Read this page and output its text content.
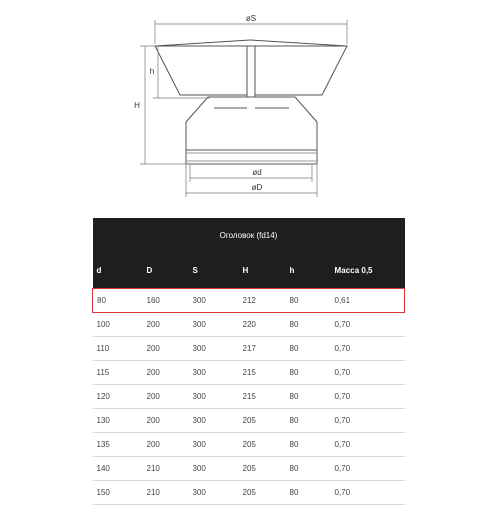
øS
h
H
ød
øD
Оголовок (fd14)					
d	D	S	H	h	Масса 0,5
80	160	300	212	80	0,61
100	200	300	220	80	0,70
110	200	300	217	80	0,70
115	200	300	215	80	0,70
120	200	300	215	80	0,70
130	200	300	205	80	0,70
135	200	300	205	80	0,70
140	210	300	205	80	0,70
150	210	300	205	80	0,70
